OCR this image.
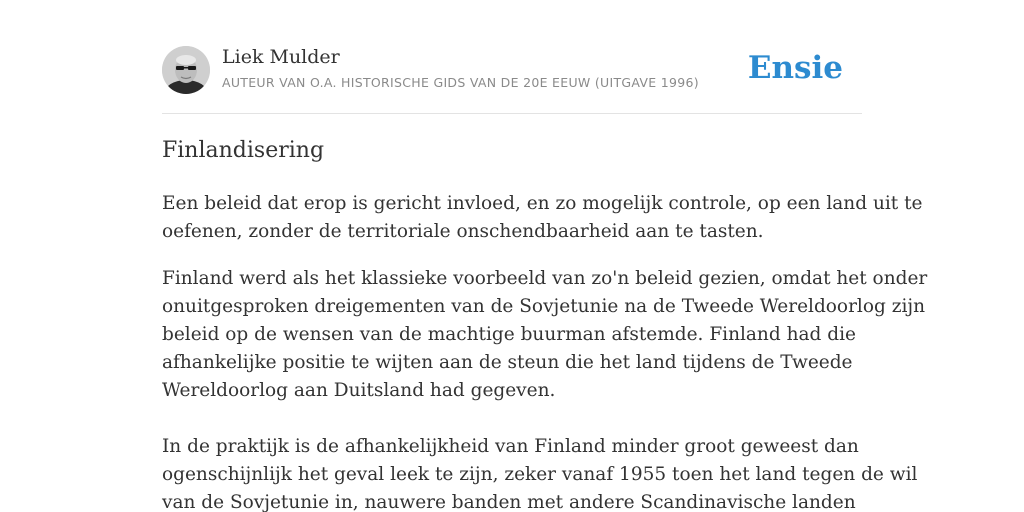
Liek Mulder
AUTEUR VAN O.A. HISTORISCHE GIDS VAN DE 20E EEUW (UITGAVE 1996) Ensie
Finlandisering
Een beleid dat erop is gericht invloed, en zo mogelijk controle, op een land uit te
oefenen, zonder de territoriale onschendbaarheid aan te tasten.
Finland werd als het klassieke voorbeeld van zo'n beleid gezien, omdat het onder
onuitgesproken dreigementen van de Sovjetunie na de Tweede Wereldoorlog zijn
beleid op de wensen van de machtige buurman afstemde. Finland had die
afhankelijke positie te wijten aan de steun die het land tijdens de Tweede
Wereldoorlog aan Duitsland had gegeven.
In de praktijk is de afhankelijkheid van Finland minder groot geweest dan
ogenschijnlijk het geval leek te zijn, zeker vanaf 1955 toen het land tegen de wil
van de Sovjetunie in, nauwere banden met andere Scandinavische landen
